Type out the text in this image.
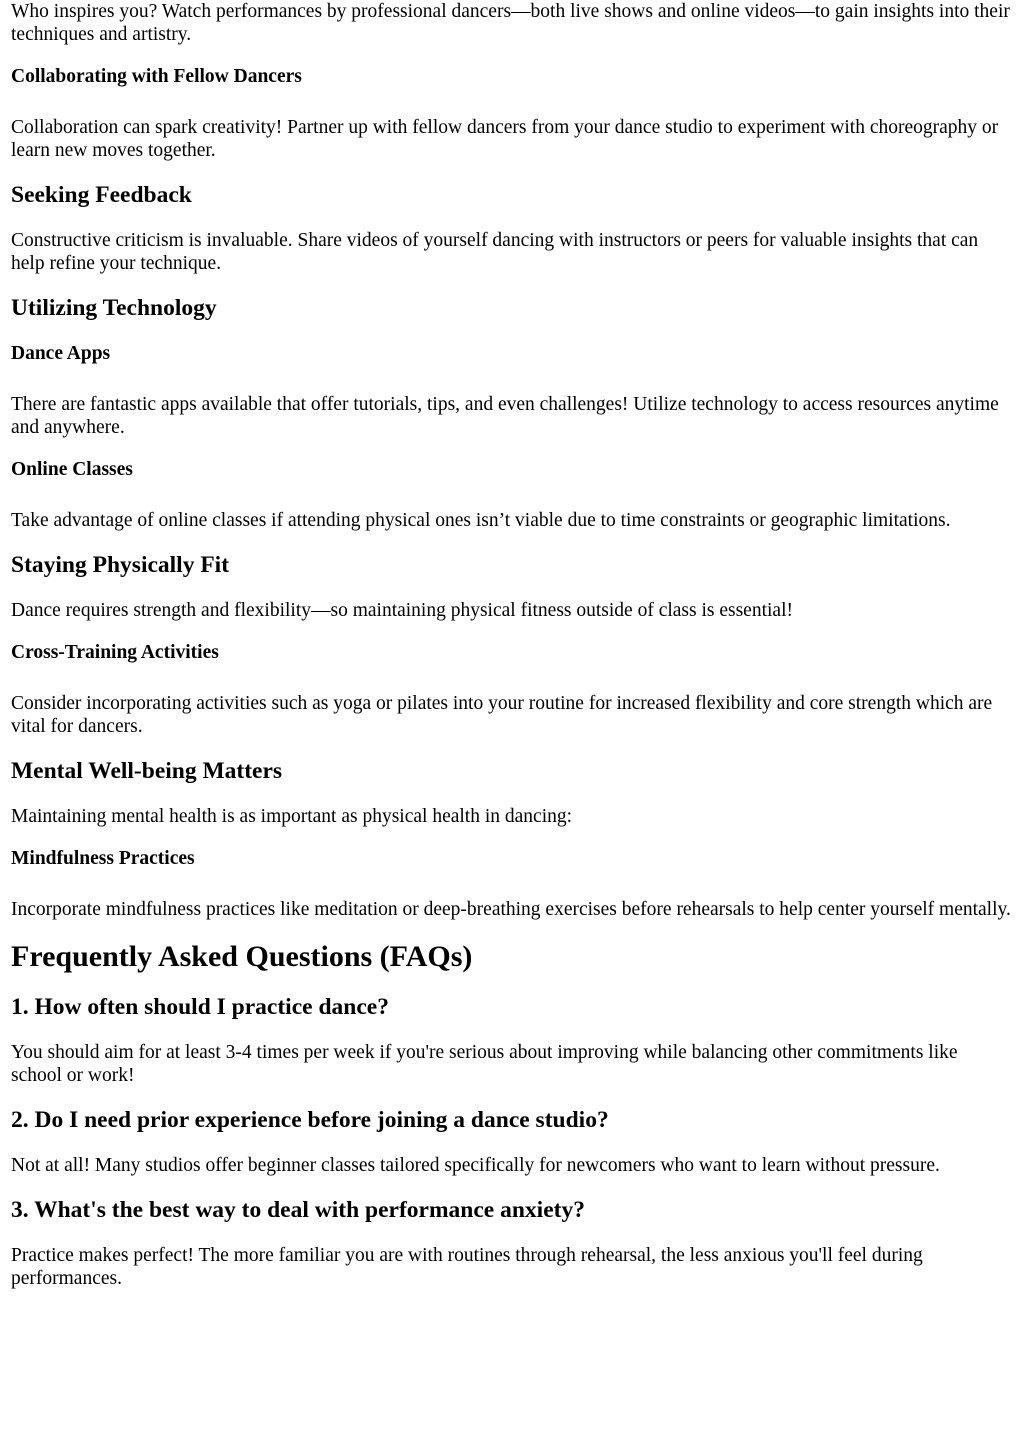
Who inspires you? Watch performances by professional dancers—both live shows and online videos—to gain insights into their techniques and artistry.

Collaborating with Fellow Dancers

Collaboration can spark creativity! Partner up with fellow dancers from your dance studio to experiment with choreography or learn new moves together.

Seeking Feedback

Constructive criticism is invaluable. Share videos of yourself dancing with instructors or peers for valuable insights that can help refine your technique.

Utilizing Technology
Dance Apps

There are fantastic apps available that offer tutorials, tips, and even challenges! Utilize technology to access resources anytime and anywhere.

Online Classes

Take advantage of online classes if attending physical ones isn’t viable due to time constraints or geographic limitations.

Staying Physically Fit

Dance requires strength and flexibility—so maintaining physical fitness outside of class is essential!

Cross-Training Activities

Consider incorporating activities such as yoga or pilates into your routine for increased flexibility and core strength which are vital for dancers.

Mental Well-being Matters

Maintaining mental health is as important as physical health in dancing:

Mindfulness Practices

Incorporate mindfulness practices like meditation or deep-breathing exercises before rehearsals to help center yourself mentally.

Frequently Asked Questions (FAQs)
1. How often should I practice dance?

You should aim for at least 3-4 times per week if you're serious about improving while balancing other commitments like school or work!

2. Do I need prior experience before joining a dance studio?

Not at all! Many studios offer beginner classes tailored specifically for newcomers who want to learn without pressure.

3. What's the best way to deal with performance anxiety?

Practice makes perfect! The more familiar you are with routines through rehearsal, the less anxious you'll feel during performances.
